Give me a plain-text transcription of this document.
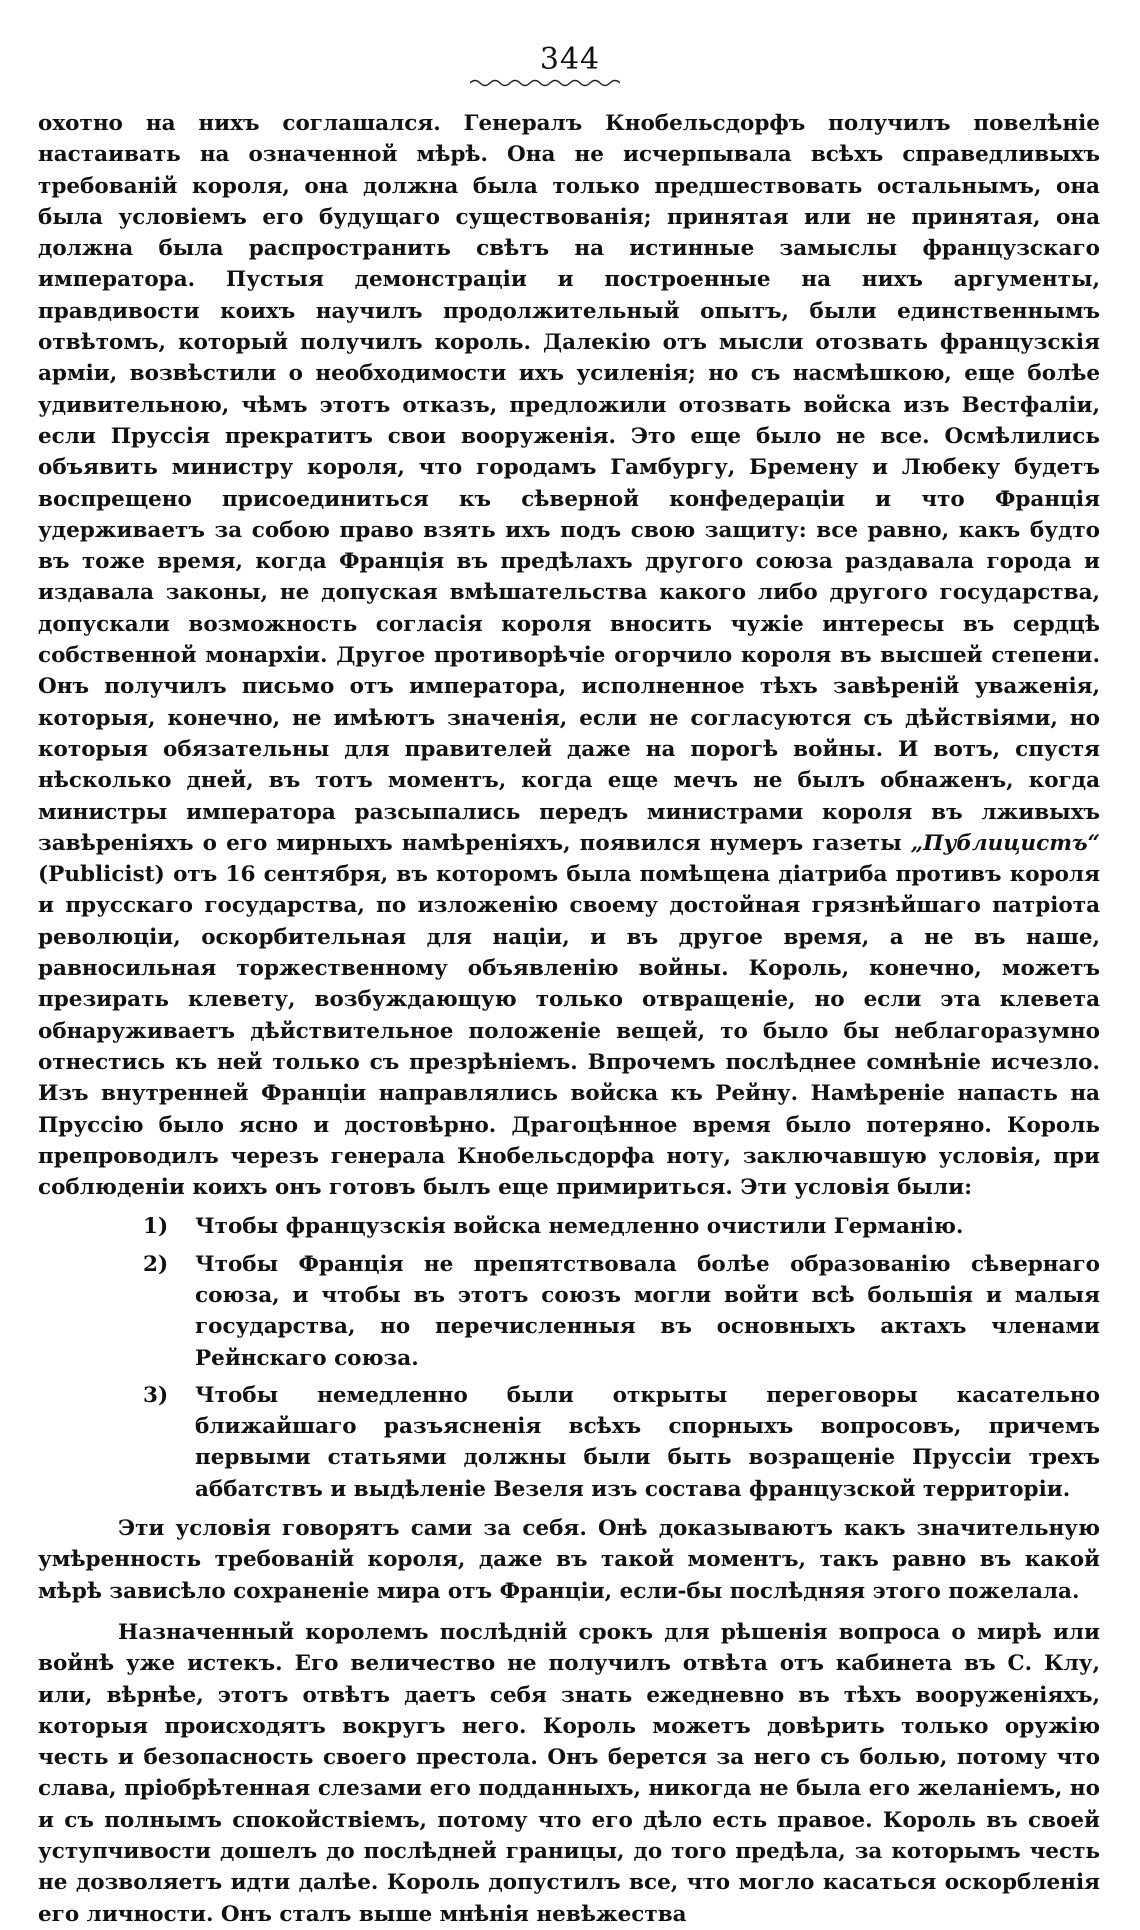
344

охотно на нихъ соглашался. Генералъ Кнобельсдорфъ получилъ повелѣніе настаивать на означенной мѣрѣ. Она не исчерпывала всѣхъ справедливыхъ требованій короля, она должна была только предшествовать остальнымъ, она была условіемъ его будущаго существованія; принятая или не принятая, она должна была распространить свѣтъ на истинные замыслы французскаго императора. Пустыя демонстраціи и построенные на нихъ аргументы, правдивости коихъ научилъ продолжительный опытъ, были единственнымъ отвѣтомъ, который получилъ король. Далекію отъ мысли отозвать французскія арміи, возвѣстили о необходимости ихъ усиленія; но съ насмѣшкою, еще болѣе удивительною, чѣмъ этотъ отказъ, предложили отозвать войска изъ Вестфаліи, если Пруссія прекратитъ свои вооруженія. Это еще было не все. Осмѣлились объявить министру короля, что городамъ Гамбургу, Бремену и Любеку будетъ воспрещено присоединиться къ сѣверной конфедераціи и что Франція удерживаетъ за собою право взять ихъ подъ свою защиту: все равно, какъ будто въ тоже время, когда Франція въ предѣлахъ другого союза раздавала города и издавала законы, не допуская вмѣшательства какого либо другого государства, допускали возможность согласія короля вносить чужіе интересы въ сердцѣ собственной монархіи. Другое противорѣчіе огорчило короля въ высшей степени. Онъ получилъ письмо отъ императора, исполненное тѣхъ завѣреній уваженія, которыя, конечно, не имѣютъ значенія, если не согласуются съ дѣйствіями, но которыя обязательны для правителей даже на порогѣ войны. И вотъ, спустя нѣсколько дней, въ тотъ моментъ, когда еще мечъ не былъ обнаженъ, когда министры императора разсыпались передъ министрами короля въ лживыхъ завѣреніяхъ о его мирныхъ намѣреніяхъ, появился нумеръ газеты „Публицистъ“ (Publicist) отъ 16 сентября, въ которомъ была помѣщена діатриба противъ короля и прусскаго государства, по изложенію своему достойная грязнѣйшаго патріота революціи, оскорбительная для націи, и въ другое время, а не въ наше, равносильная торжественному объявленію войны. Король, конечно, можетъ презирать клевету, возбуждающую только отвращеніе, но если эта клевета обнаруживаетъ дѣйствительное положеніе вещей, то было бы неблагоразумно отнестись къ ней только съ презрѣніемъ. Впрочемъ послѣднее сомнѣніе исчезло. Изъ внутренней Франціи направлялись войска къ Рейну. Намѣреніе напасть на Пруссію было ясно и достовѣрно. Драгоцѣнное время было потеряно. Король препроводилъ черезъ генерала Кнобельсдорфа ноту, заключавшую условія, при соблюденіи коихъ онъ готовъ былъ еще примириться. Эти условія были:

1)	Чтобы французскія войска немедленно очистили Германію.
2)	Чтобы Франція не препятствовала болѣе образованію сѣвернаго союза, и чтобы въ этотъ союзъ могли войти всѣ большія и малыя государства, но перечисленныя въ основныхъ актахъ членами Рейнскаго союза.
3)	Чтобы немедленно были открыты переговоры касательно ближайшаго разъясненія всѣхъ спорныхъ вопросовъ, причемъ первыми статьями должны были быть возращеніе Пруссіи трехъ аббатствъ и выдѣленіе Везеля изъ состава французской территоріи.

Эти условія говорятъ сами за себя. Онѣ доказываютъ какъ значительную умѣренность требованій короля, даже въ такой моментъ, такъ равно въ какой мѣрѣ зависѣло сохраненіе мира отъ Франціи, если-бы послѣдняя этого пожелала.

Назначенный королемъ послѣдній срокъ для рѣшенія вопроса о мирѣ или войнѣ уже истекъ. Его величество не получилъ отвѣта отъ кабинета въ С. Клу, или, вѣрнѣе, этотъ отвѣтъ даетъ себя знать ежедневно въ тѣхъ вооруженіяхъ, которыя происходятъ вокругъ него. Король можетъ довѣрить только оружію честь и безопасность своего престола. Онъ берется за него съ болью, потому что слава, пріобрѣтенная слезами его подданныхъ, никогда не была его желаніемъ, но и съ полнымъ спокойствіемъ, потому что его дѣло есть правое. Король въ своей уступчивости дошелъ до послѣдней границы, до того предѣла, за которымъ честь не дозволяетъ идти далѣе. Король допустилъ все, что могло касаться оскорбленія его личности. Онъ сталъ выше мнѣнія невѣжества
